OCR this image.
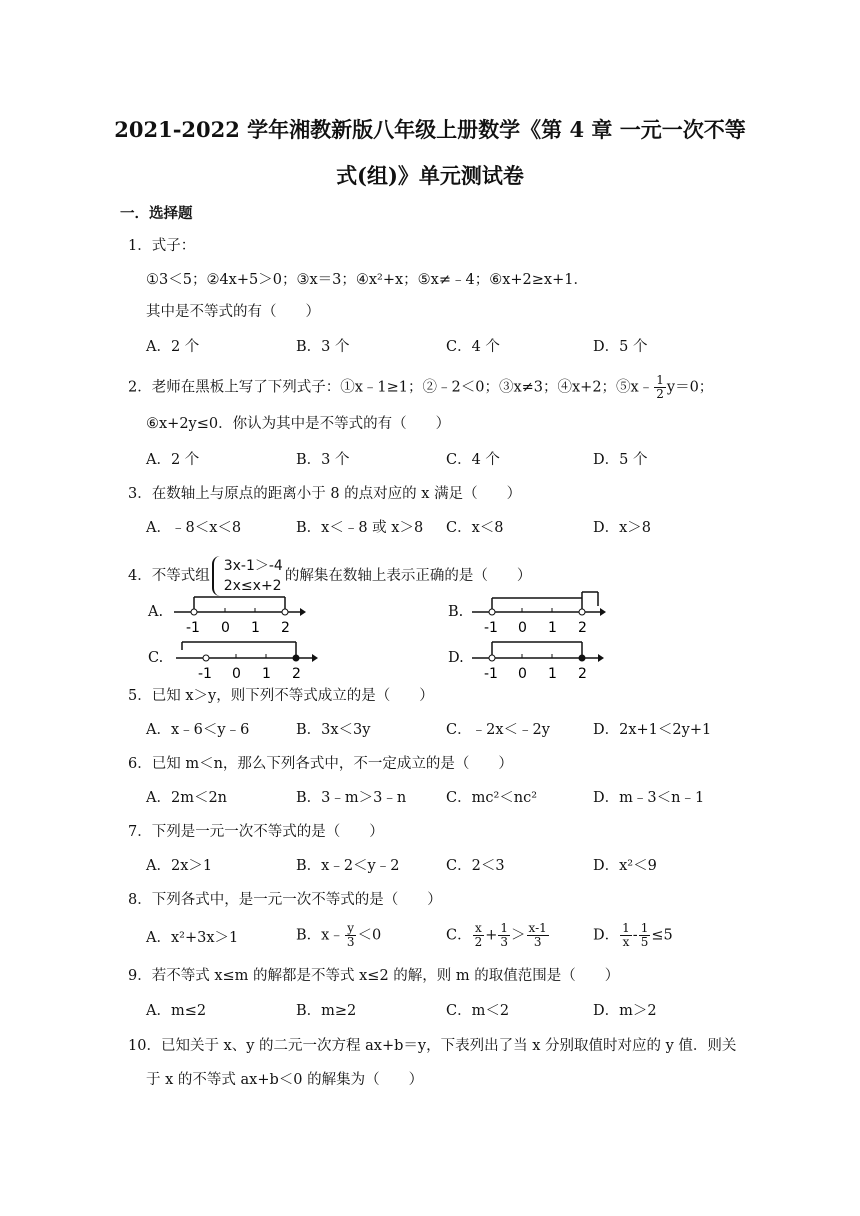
2021-2022 学年湘教新版八年级上册数学《第 4 章 一元一次不等
式(组)》单元测试卷
一．选择题
1．式子：
①3＜5；②4x+5＞0；③x＝3；④x²+x；⑤x≠﹣4；⑥x+2≥x+1．
其中是不等式的有（　　）
A．2 个	B．3 个	C．4 个	D．5 个
2．老师在黑板上写了下列式子：①x﹣1≥1；②﹣2＜0；③x≠3；④x+2；⑤x﹣ $\frac{1}{2} y=0$；
⑥x+2y≤0．你认为其中是不等式的有（　　）
A．2 个	B．3 个	C．4 个	D．5 个
3．在数轴上与原点的距离小于 8 的点对应的 x 满足（　　）
A．﹣8＜x＜8	B．x＜﹣8 或 x＞8 C．x＜8	D．x＞8
4．不等式组
3x-1＞-4
2x≤x+2
的解集在数轴上表示正确的是（　　）
A.
-1 0 1 2
B.
-1 0 1 2
C.
-1 0 1 2
D.
-1 0 1 2
5．已知 x＞y，则下列不等式成立的是（　　）
A．x﹣6＜y﹣6	B．3x＜3y	C．﹣2x＜﹣2y	D．2x+1＜2y+1
6．已知 m＜n，那么下列各式中，不一定成立的是（　　）
A．2m＜2n	B．3﹣m＞3﹣n	C．mc²＜nc²	D．m﹣3＜n﹣1
7．下列是一元一次不等式的是（　　）
A．2x＞1	B．x﹣2＜y﹣2	C．2＜3	D．x²＜9
8．下列各式中，是一元一次不等式的是（　　）
A．x²+3x＞1	B．x﹣ $\frac{y}{3} <0$	C． $\frac{x}{2} + \frac{1}{3} > \frac{x-1}{3}$	D． $\frac{1}{x} - \frac{1}{5} \le 5$
9．若不等式 x≤m 的解都是不等式 x≤2 的解，则 m 的取值范围是（　　）
A．m≤2	B．m≥2	C．m＜2	D．m＞2
10．已知关于 x、y 的二元一次方程 ax+b＝y，下表列出了当 x 分别取值时对应的 y 值．则关
于 x 的不等式 ax+b＜0 的解集为（　　）
